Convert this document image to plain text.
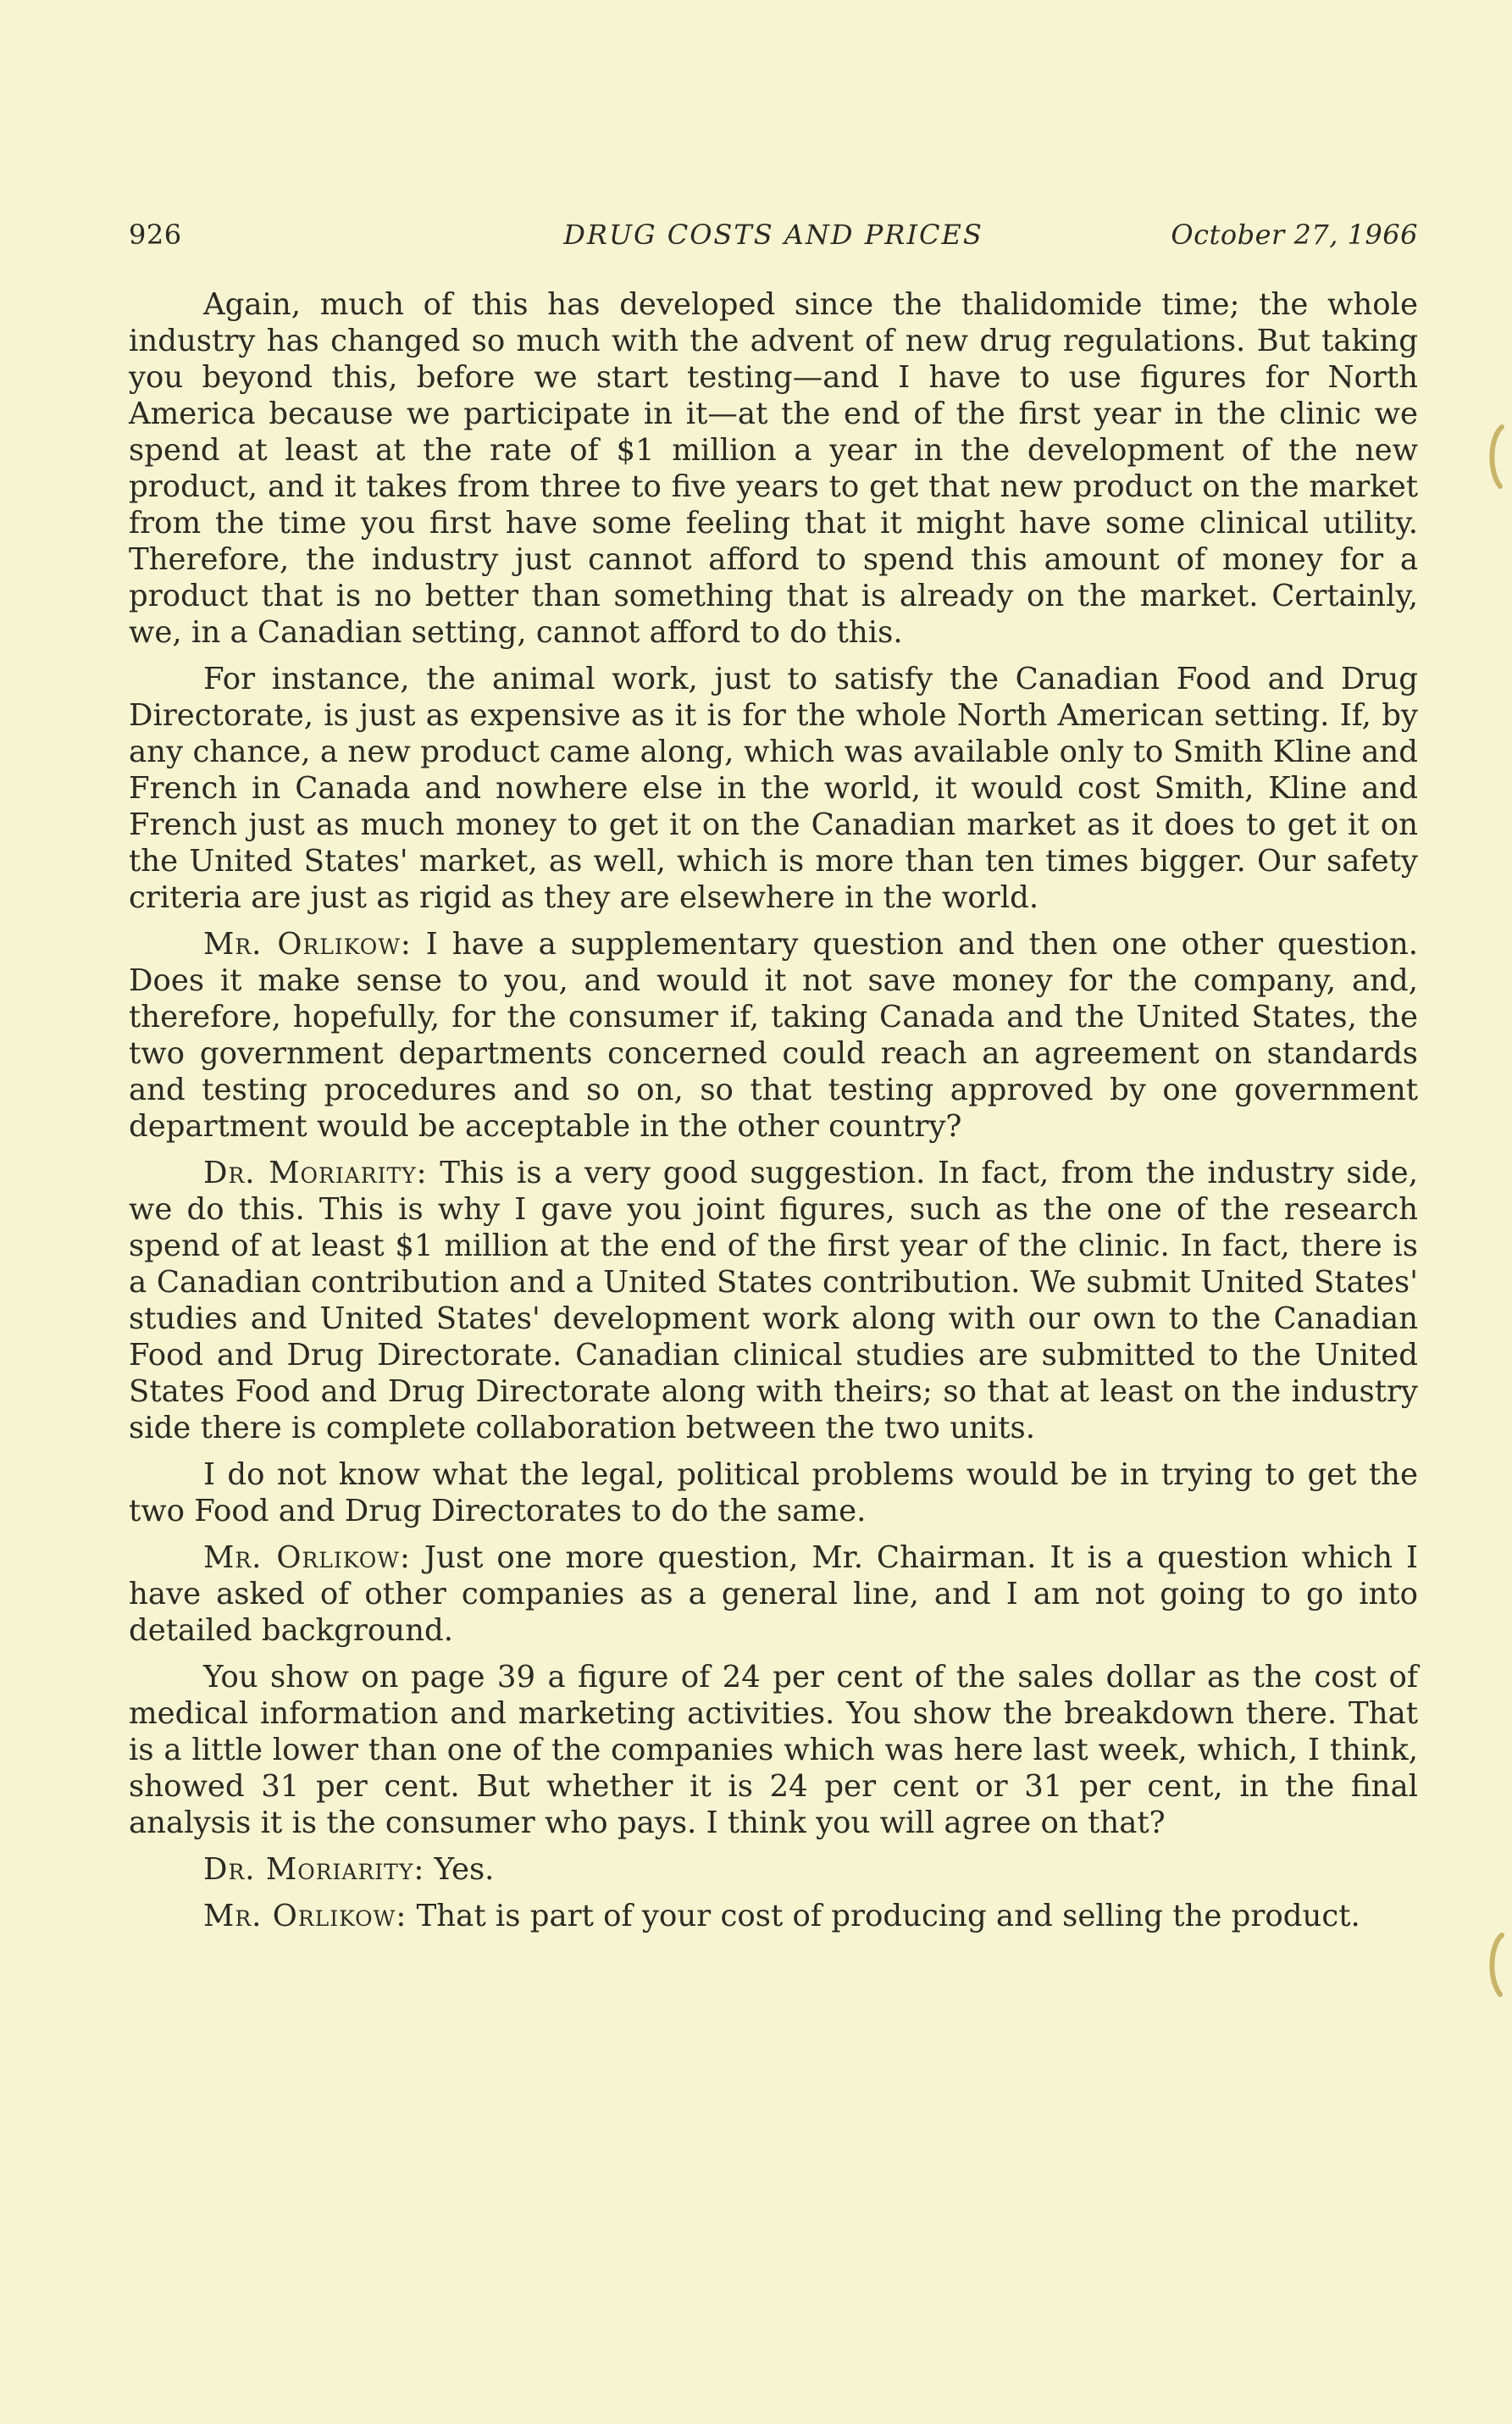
926	DRUG COSTS AND PRICES	October 27, 1966

Again, much of this has developed since the thalidomide time; the whole industry has changed so much with the advent of new drug regulations. But taking you beyond this, before we start testing—and I have to use figures for North America because we participate in it—at the end of the first year in the clinic we spend at least at the rate of $1 million a year in the development of the new product, and it takes from three to five years to get that new product on the market from the time you first have some feeling that it might have some clinical utility. Therefore, the industry just cannot afford to spend this amount of money for a product that is no better than something that is already on the market. Certainly, we, in a Canadian setting, cannot afford to do this.

For instance, the animal work, just to satisfy the Canadian Food and Drug Directorate, is just as expensive as it is for the whole North American setting. If, by any chance, a new product came along, which was available only to Smith Kline and French in Canada and nowhere else in the world, it would cost Smith, Kline and French just as much money to get it on the Canadian market as it does to get it on the United States' market, as well, which is more than ten times bigger. Our safety criteria are just as rigid as they are elsewhere in the world.

Mr. Orlikow: I have a supplementary question and then one other question. Does it make sense to you, and would it not save money for the company, and, therefore, hopefully, for the consumer if, taking Canada and the United States, the two government departments concerned could reach an agreement on standards and testing procedures and so on, so that testing approved by one government department would be acceptable in the other country?

Dr. Moriarity: This is a very good suggestion. In fact, from the industry side, we do this. This is why I gave you joint figures, such as the one of the research spend of at least $1 million at the end of the first year of the clinic. In fact, there is a Canadian contribution and a United States contribution. We submit United States' studies and United States' development work along with our own to the Canadian Food and Drug Directorate. Canadian clinical studies are submitted to the United States Food and Drug Directorate along with theirs; so that at least on the industry side there is complete collaboration between the two units.

I do not know what the legal, political problems would be in trying to get the two Food and Drug Directorates to do the same.

Mr. Orlikow: Just one more question, Mr. Chairman. It is a question which I have asked of other companies as a general line, and I am not going to go into detailed background.

You show on page 39 a figure of 24 per cent of the sales dollar as the cost of medical information and marketing activities. You show the breakdown there. That is a little lower than one of the companies which was here last week, which, I think, showed 31 per cent. But whether it is 24 per cent or 31 per cent, in the final analysis it is the consumer who pays. I think you will agree on that?

Dr. Moriarity: Yes.

Mr. Orlikow: That is part of your cost of producing and selling the product.
